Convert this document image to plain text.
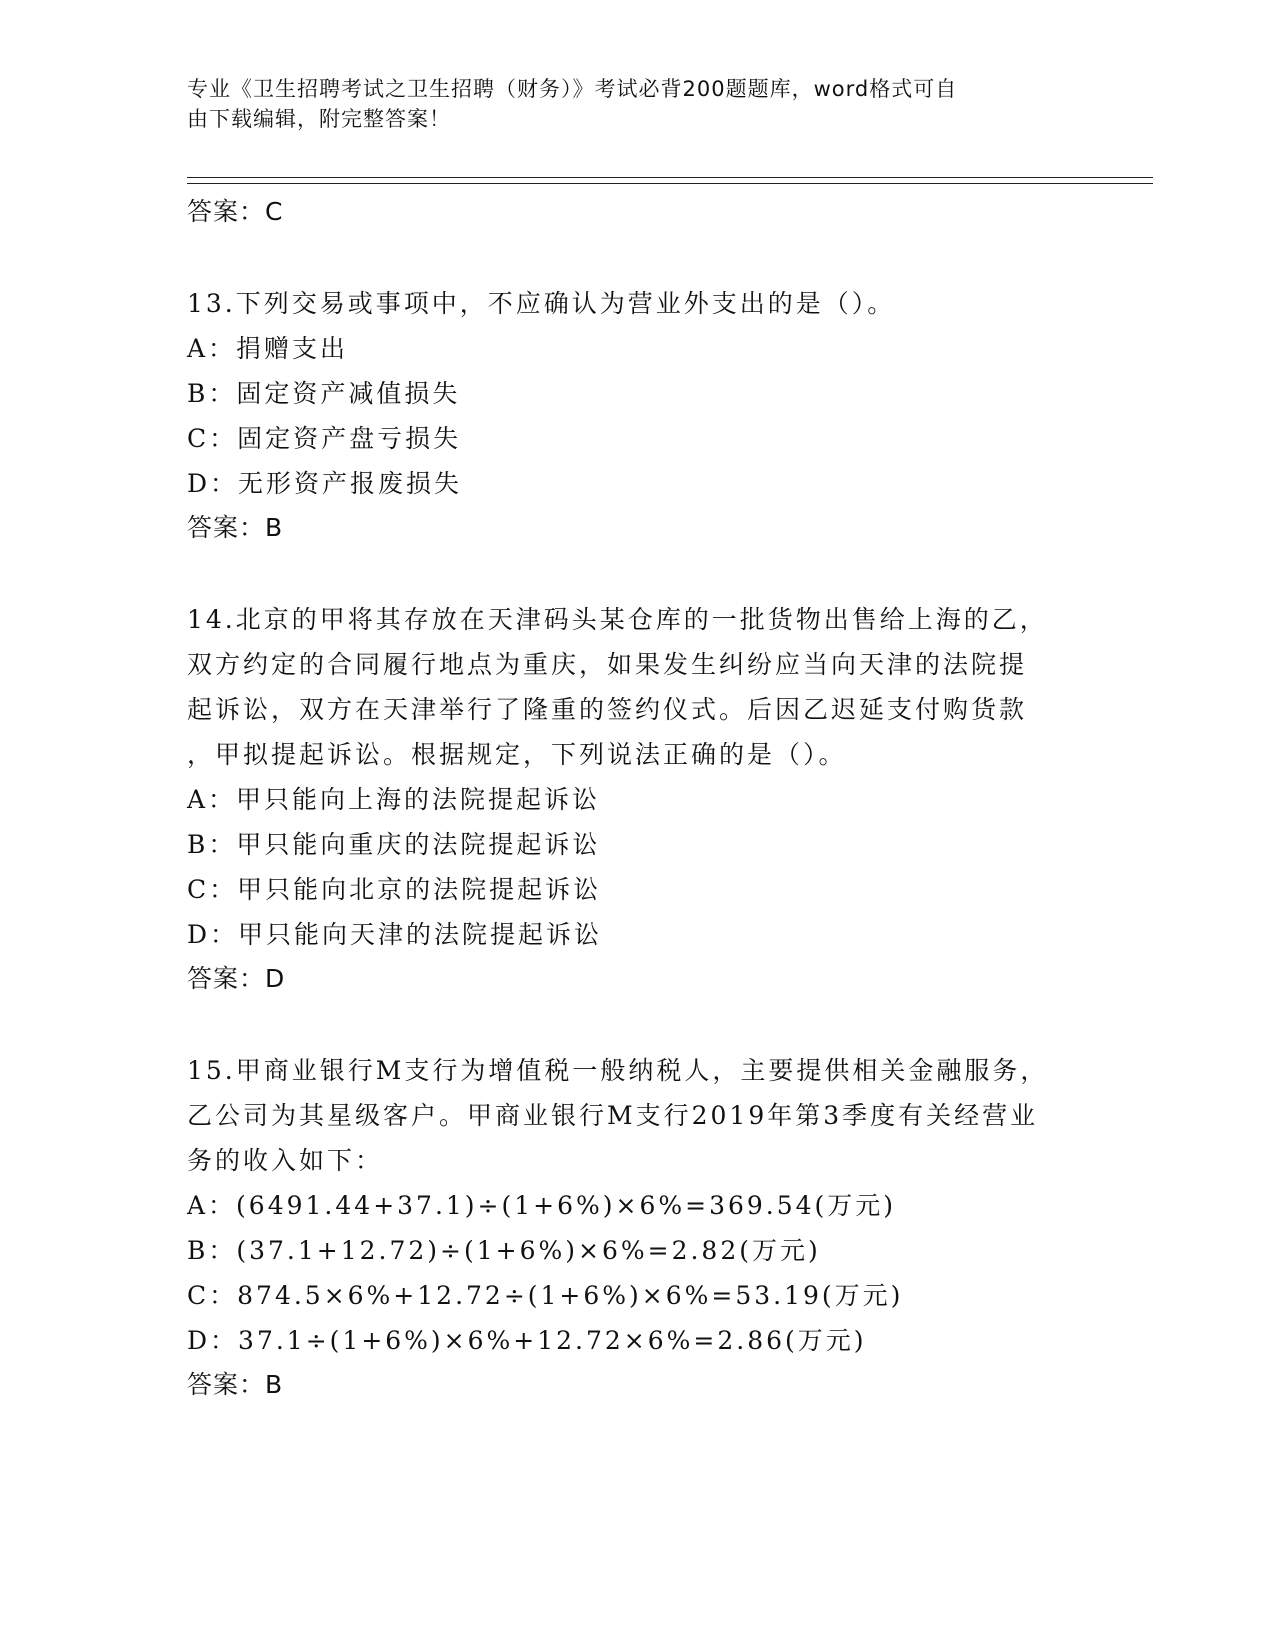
专业《卫生招聘考试之卫生招聘（财务）》考试必背200题题库，word格式可自
由下载编辑，附完整答案！
答案：C
13.下列交易或事项中，不应确认为营业外支出的是（）。
A：捐赠支出
B：固定资产减值损失
C：固定资产盘亏损失
D：无形资产报废损失
答案：B
14.北京的甲将其存放在天津码头某仓库的一批货物出售给上海的乙，
双方约定的合同履行地点为重庆，如果发生纠纷应当向天津的法院提
起诉讼，双方在天津举行了隆重的签约仪式。后因乙迟延支付购货款
，甲拟提起诉讼。根据规定，下列说法正确的是（）。
A：甲只能向上海的法院提起诉讼
B：甲只能向重庆的法院提起诉讼
C：甲只能向北京的法院提起诉讼
D：甲只能向天津的法院提起诉讼
答案：D
15.甲商业银行M支行为增值税一般纳税人，主要提供相关金融服务，
乙公司为其星级客户。甲商业银行M支行2019年第3季度有关经营业
务的收入如下：
A：(6491.44+37.1)÷(1+6%)×6%=369.54(万元)
B：(37.1+12.72)÷(1+6%)×6%=2.82(万元)
C：874.5×6%+12.72÷(1+6%)×6%=53.19(万元)
D：37.1÷(1+6%)×6%+12.72×6%=2.86(万元)
答案：B
